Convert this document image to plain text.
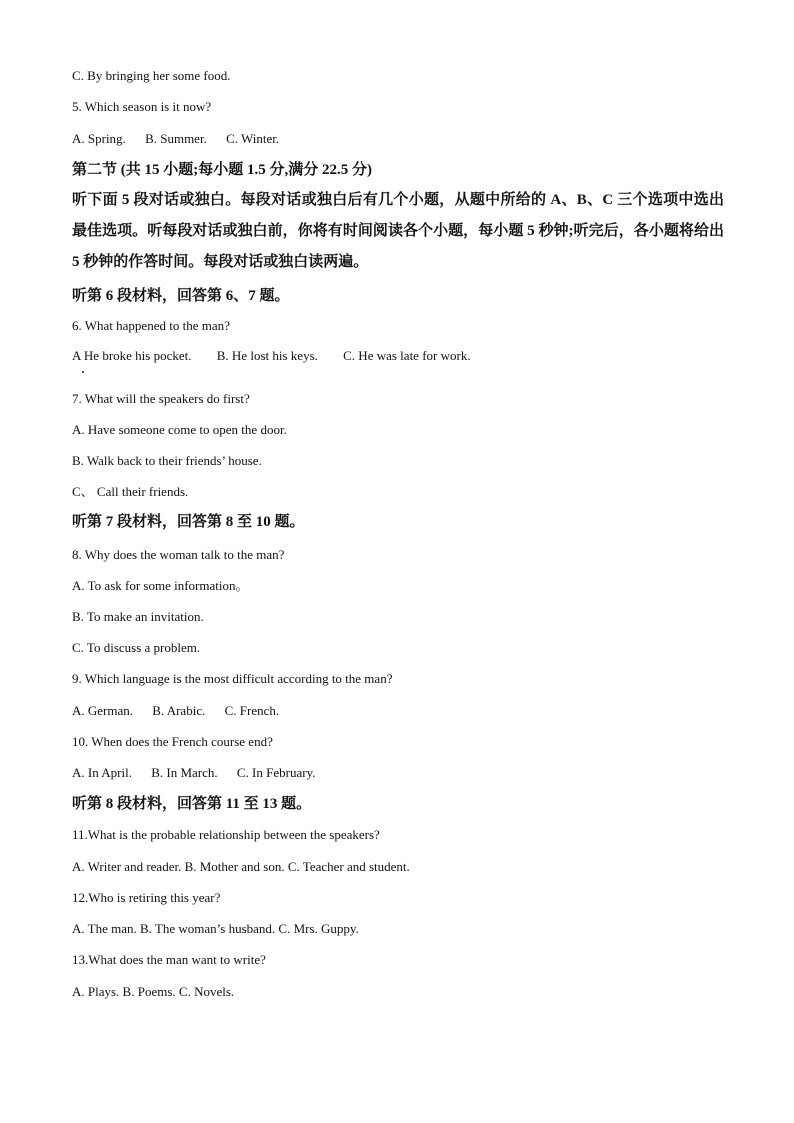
C. By bringing her some food.
5. Which season is it now?
A. Spring. B. Summer. C. Winter.
第二节 (共 15 小题;每小题 1.5 分,满分 22.5 分)
听下面 5 段对话或独白。每段对话或独白后有几个小题，从题中所给的 A、B、C 三个选项中选出最佳选项。听每段对话或独白前，你将有时间阅读各个小题，每小题 5 秒钟;听完后，各小题将给出 5 秒钟的作答时间。每段对话或独白读两遍。
听第 6 段材料，回答第 6、7 题。
6. What happened to the man?
A He broke his pocket. B. He lost his keys. C. He was late for work.
7. What will the speakers do first?
A. Have someone come to open the door.
B. Walk back to their friends’ house.
C、 Call their friends.
听第 7 段材料，回答第 8 至 10 题。
8. Why does the woman talk to the man?
A. To ask for some information。
B. To make an invitation.
C. To discuss a problem.
9. Which language is the most difficult according to the man?
A. German. B. Arabic. C. French.
10. When does the French course end?
A. In April. B. In March. C. In February.
听第 8 段材料，回答第 11 至 13 题。
11.What is the probable relationship between the speakers?
A. Writer and reader. B. Mother and son. C. Teacher and student.
12.Who is retiring this year?
A. The man. B. The woman’s husband. C. Mrs. Guppy.
13.What does the man want to write?
A. Plays. B. Poems. C. Novels.
